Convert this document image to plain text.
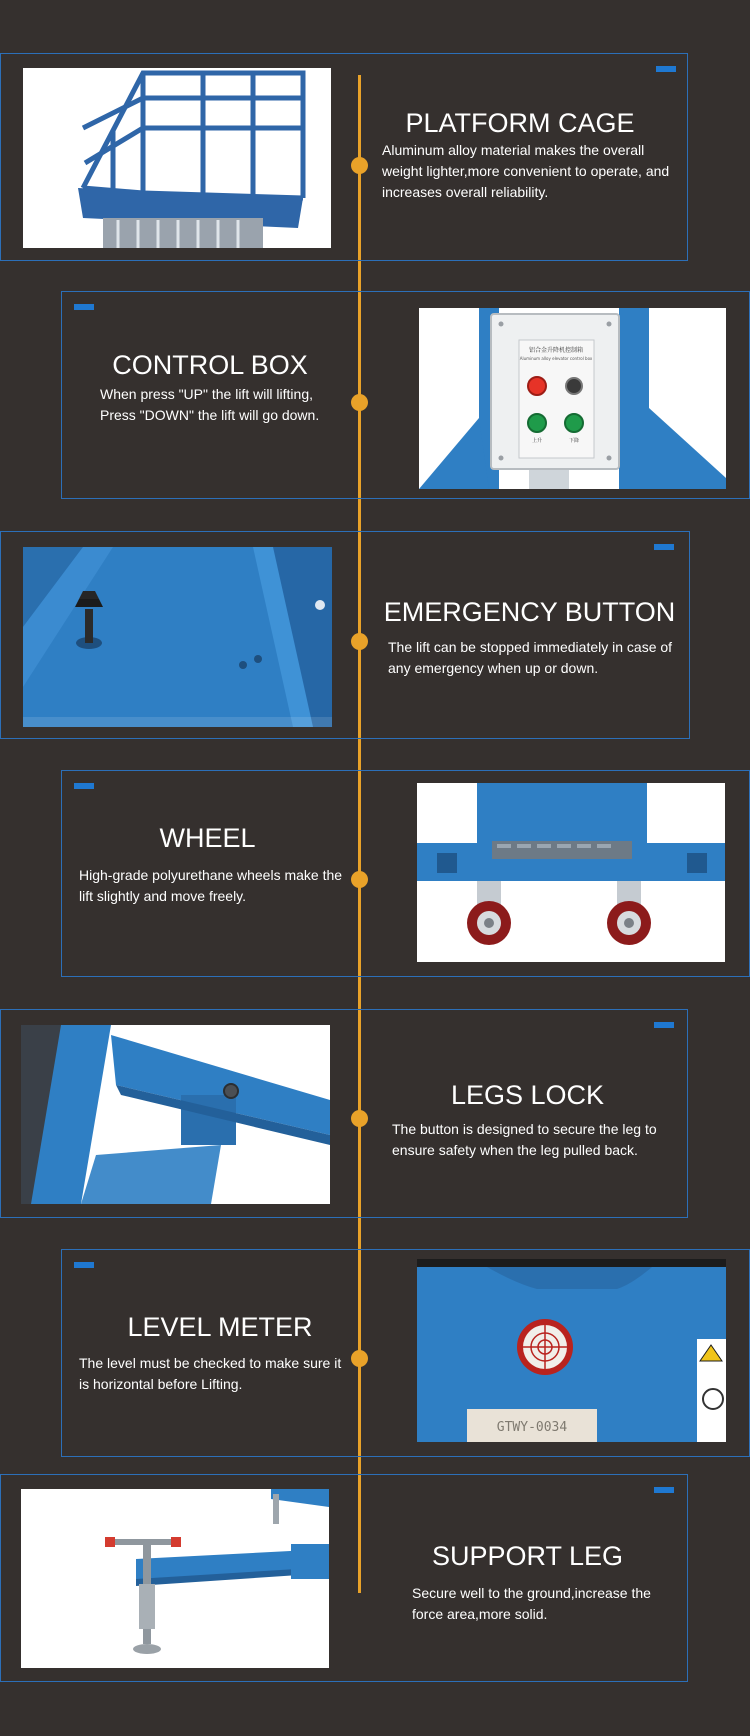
PLATFORM CAGE
Aluminum alloy material makes the overall weight lighter,more convenient to operate, and increases overall reliability.
铝合金升降机控制箱
Aluminum alloy elevator control box
上升	下降
CONTROL BOX
When press "UP" the lift will lifting, Press "DOWN" the lift will go down.
EMERGENCY BUTTON
The lift can be stopped immediately in case of any emergency when up or down.
WHEEL
High-grade polyurethane wheels make the lift slightly and move freely.
LEGS LOCK
The button is designed to secure the leg to ensure safety when the leg pulled back.
GTWY-0034
LEVEL METER
The level must be checked to make sure it is horizontal before Lifting.
SUPPORT LEG
Secure well to the ground,increase the force area,more solid.
